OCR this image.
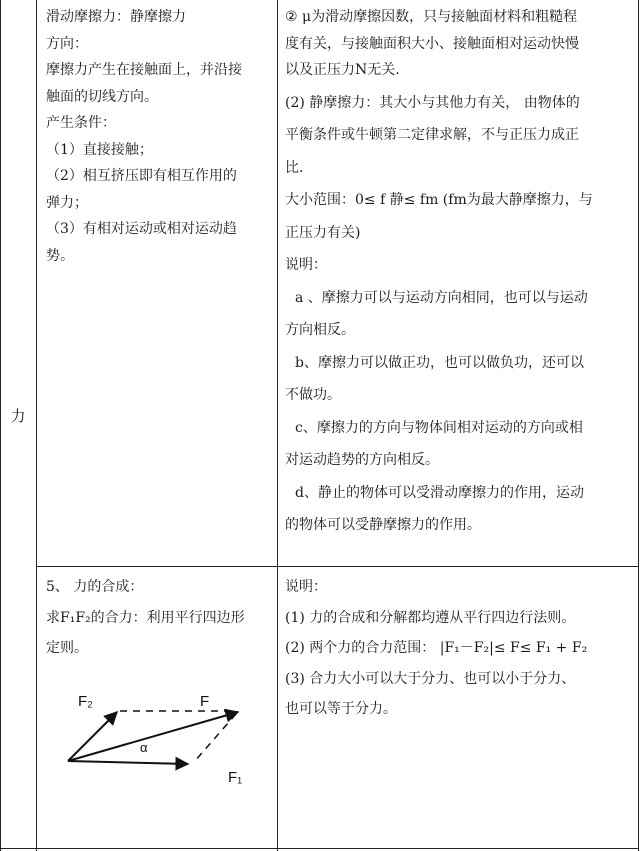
力

滑动摩擦力：静摩擦力

方向：

摩擦力产生在接触面上，并沿接

触面的切线方向。

产生条件：

（1）直接接触；

（2）相互挤压即有相互作用的

弹力；

（3）有相对运动或相对运动趋

势。

② μ为滑动摩擦因数，只与接触面材料和粗糙程

度有关，与接触面积大小、接触面相对运动快慢

以及正压力N无关.

(2) 静摩擦力：其大小与其他力有关， 由物体的

平衡条件或牛顿第二定律求解，不与正压力成正

比.

大小范围：0≤ f 静≤ fm (fm为最大静摩擦力，与

正压力有关)

说明：

a 、摩擦力可以与运动方向相同，也可以与运动

方向相反。

b、摩擦力可以做正功，也可以做负功，还可以

不做功。

c、摩擦力的方向与物体间相对运动的方向或相

对运动趋势的方向相反。

d、静止的物体可以受滑动摩擦力的作用，运动

的物体可以受静摩擦力的作用。

5、 力的合成：

求F₁F₂的合力：利用平行四边形

定则。

F₂	F
α
F₁

说明：

(1) 力的合成和分解都均遵从平行四边行法则。

(2) 两个力的合力范围： |F₁－F₂|≤ F≤ F₁ + F₂

(3) 合力大小可以大于分力、也可以小于分力、

也可以等于分力。
